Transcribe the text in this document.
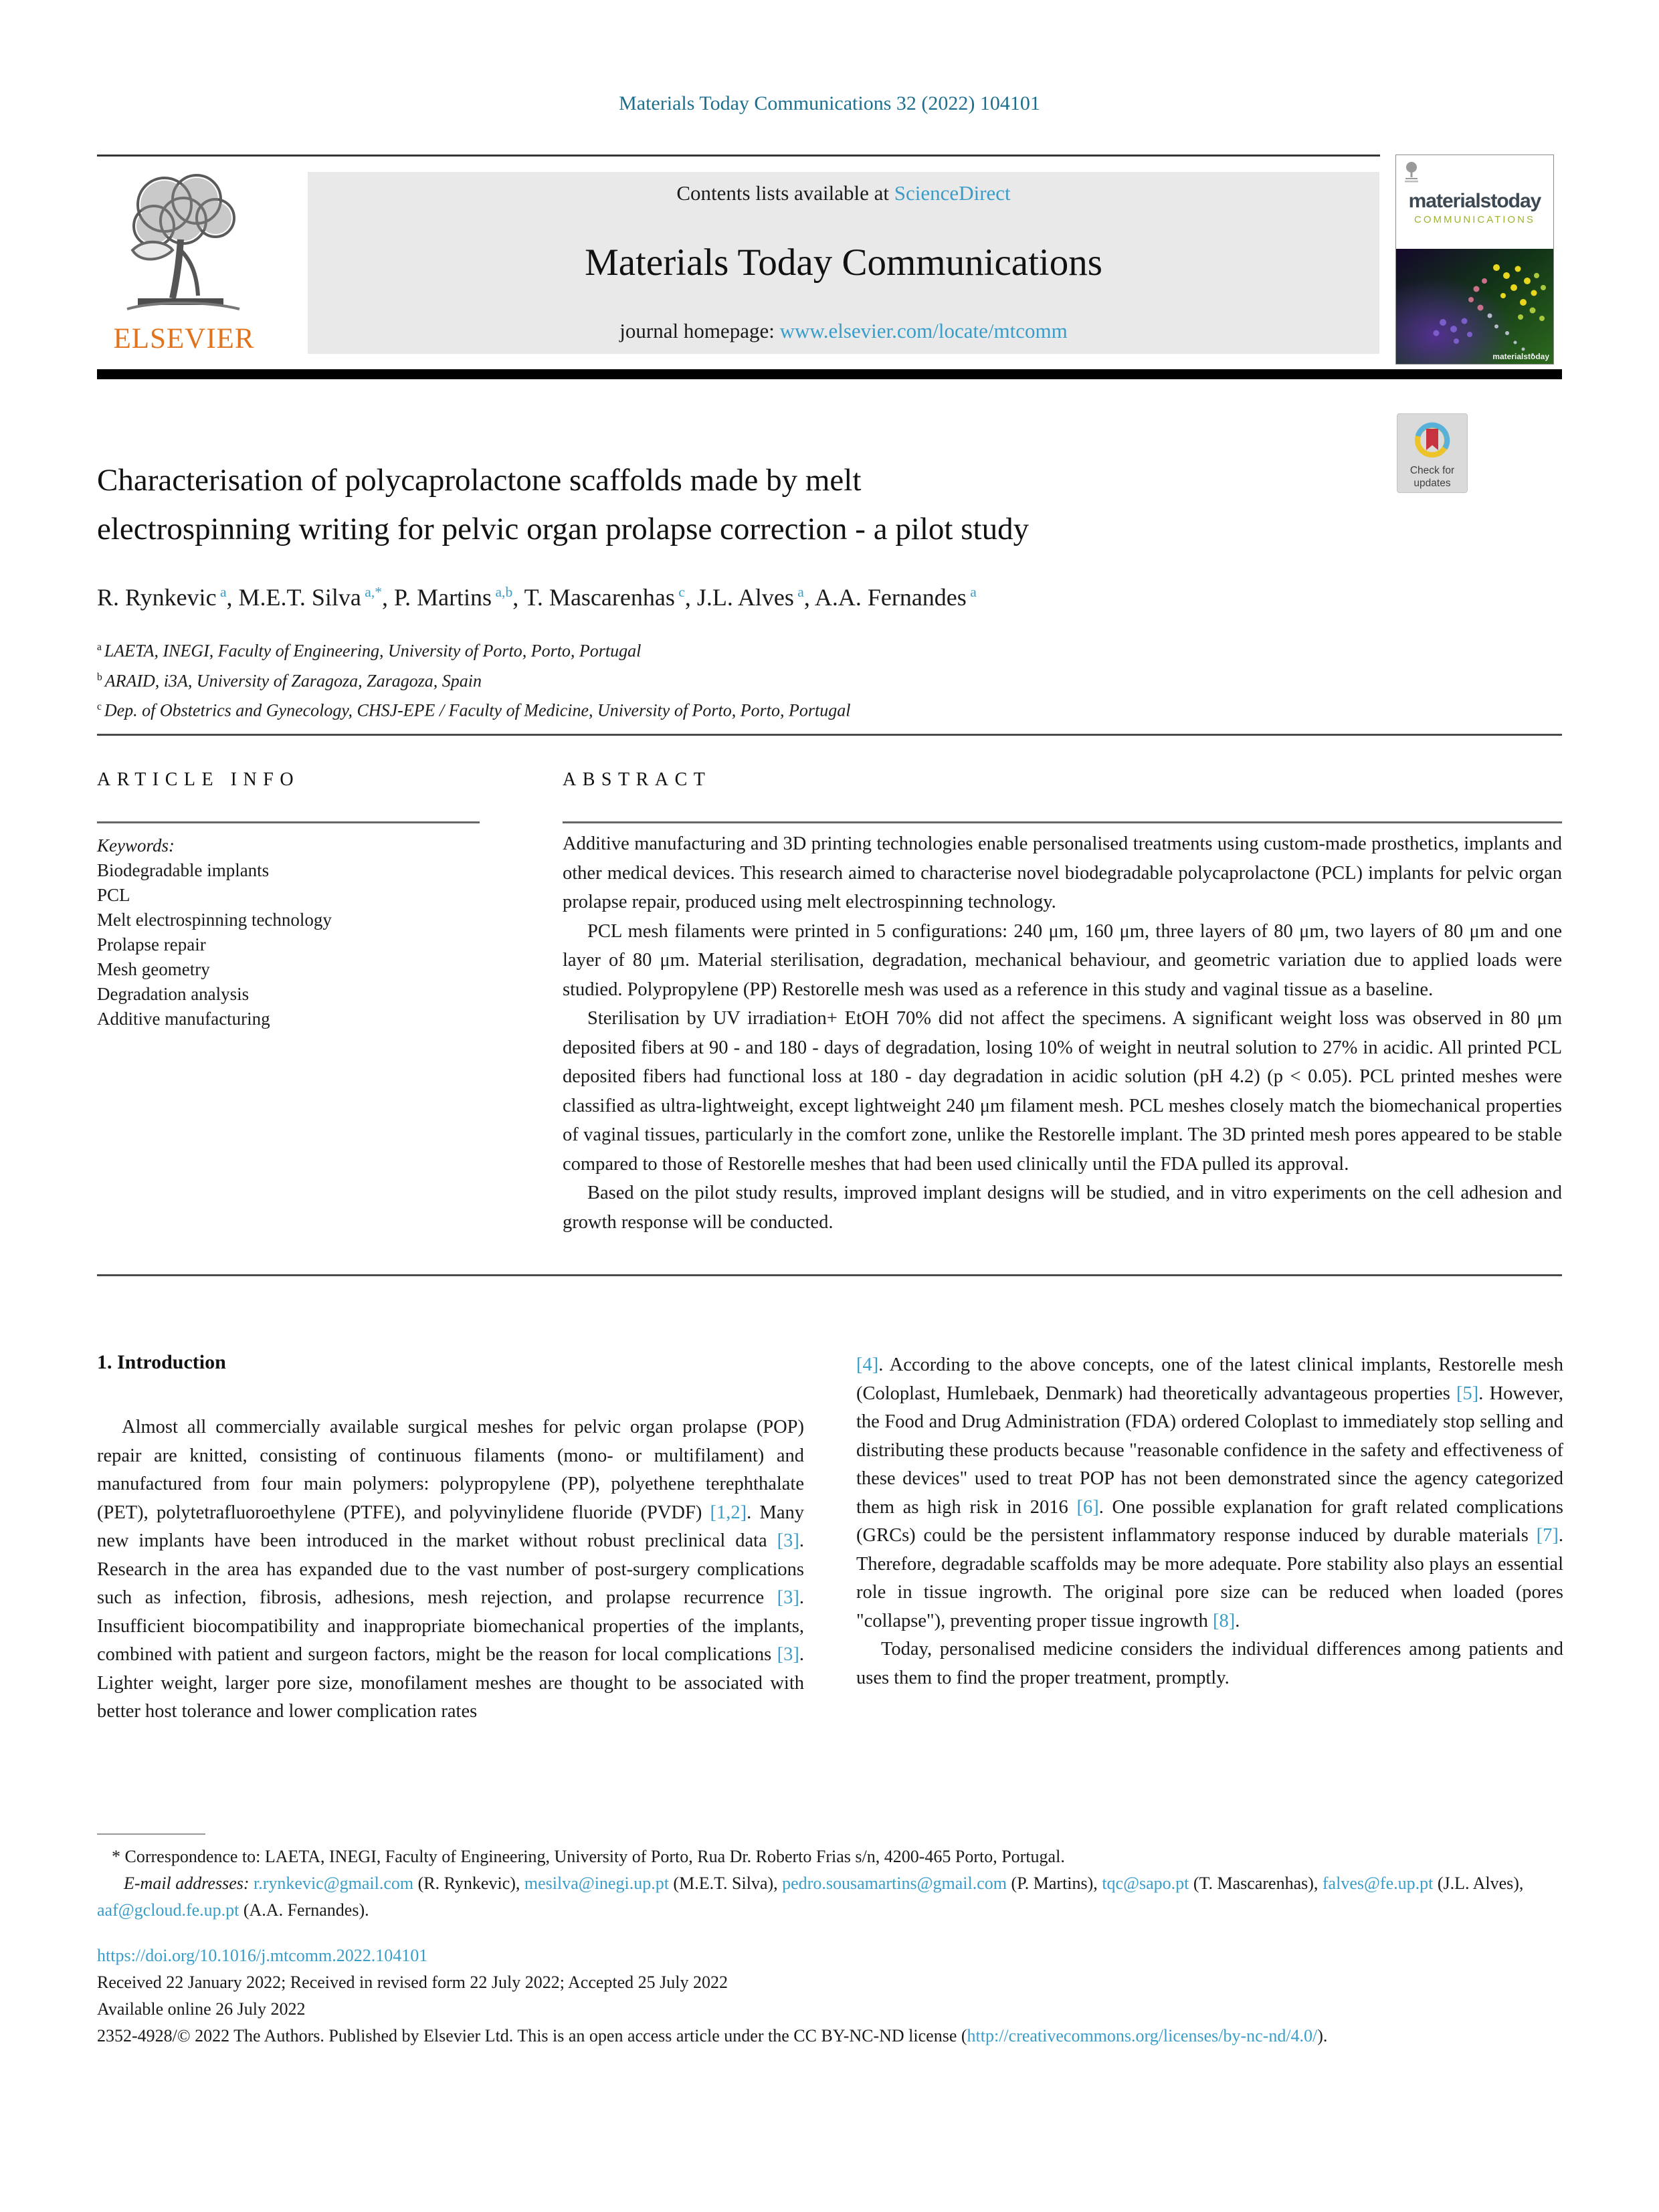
Materials Today Communications 32 (2022) 104101
ELSEVIER
Contents lists available at ScienceDirect
Materials Today Communications
journal homepage: www.elsevier.com/locate/mtcomm
materialstoday
COMMUNICATIONS
materialstoday
Check for
updates
Characterisation of polycaprolactone scaffolds made by melt
electrospinning writing for pelvic organ prolapse correction - a pilot study
R. Rynkevic $^a$, M.E.T. Silva $^{a,*}$, P. Martins $^{a,b}$, T. Mascarenhas $^c$, J.L. Alves $^a$, A.A. Fernandes $^a$
$^a$ LAETA, INEGI, Faculty of Engineering, University of Porto, Porto, Portugal
$^b$ ARAID, i3A, University of Zaragoza, Zaragoza, Spain
$^c$ Dep. of Obstetrics and Gynecology, CHSJ-EPE / Faculty of Medicine, University of Porto, Porto, Portugal
ARTICLE INFO	ABSTRACT
Keywords:
Biodegradable implants
PCL
Melt electrospinning technology
Prolapse repair
Mesh geometry
Degradation analysis
Additive manufacturing
Additive manufacturing and 3D printing technologies enable personalised treatments using custom-made prosthetics, implants and other medical devices. This research aimed to characterise novel biodegradable polycaprolactone (PCL) implants for pelvic organ prolapse repair, produced using melt electrospinning technology.
PCL mesh filaments were printed in 5 configurations: 240 μm, 160 μm, three layers of 80 μm, two layers of 80 μm and one layer of 80 μm. Material sterilisation, degradation, mechanical behaviour, and geometric variation due to applied loads were studied. Polypropylene (PP) Restorelle mesh was used as a reference in this study and vaginal tissue as a baseline.
Sterilisation by UV irradiation+ EtOH 70% did not affect the specimens. A significant weight loss was observed in 80 μm deposited fibers at 90 - and 180 - days of degradation, losing 10% of weight in neutral solution to 27% in acidic. All printed PCL deposited fibers had functional loss at 180 - day degradation in acidic solution (pH 4.2) (p < 0.05). PCL printed meshes were classified as ultra-lightweight, except lightweight 240 μm filament mesh. PCL meshes closely match the biomechanical properties of vaginal tissues, particularly in the comfort zone, unlike the Restorelle implant. The 3D printed mesh pores appeared to be stable compared to those of Restorelle meshes that had been used clinically until the FDA pulled its approval.
Based on the pilot study results, improved implant designs will be studied, and in vitro experiments on the cell adhesion and growth response will be conducted.
1. Introduction
Almost all commercially available surgical meshes for pelvic organ prolapse (POP) repair are knitted, consisting of continuous filaments (mono- or multifilament) and manufactured from four main polymers: polypropylene (PP), polyethene terephthalate (PET), polytetrafluoroethylene (PTFE), and polyvinylidene fluoride (PVDF) [1,2]. Many new implants have been introduced in the market without robust preclinical data [3]. Research in the area has expanded due to the vast number of post-surgery complications such as infection, fibrosis, adhesions, mesh rejection, and prolapse recurrence [3]. Insufficient biocompatibility and inappropriate biomechanical properties of the implants, combined with patient and surgeon factors, might be the reason for local complications [3]. Lighter weight, larger pore size, monofilament meshes are thought to be associated with better host tolerance and lower complication rates
[4]. According to the above concepts, one of the latest clinical implants, Restorelle mesh (Coloplast, Humlebaek, Denmark) had theoretically advantageous properties [5]. However, the Food and Drug Administration (FDA) ordered Coloplast to immediately stop selling and distributing these products because "reasonable confidence in the safety and effectiveness of these devices" used to treat POP has not been demonstrated since the agency categorized them as high risk in 2016 [6]. One possible explanation for graft related complications (GRCs) could be the persistent inflammatory response induced by durable materials [7]. Therefore, degradable scaffolds may be more adequate. Pore stability also plays an essential role in tissue ingrowth. The original pore size can be reduced when loaded (pores "collapse"), preventing proper tissue ingrowth [8].
Today, personalised medicine considers the individual differences among patients and uses them to find the proper treatment, promptly.
* Correspondence to: LAETA, INEGI, Faculty of Engineering, University of Porto, Rua Dr. Roberto Frias s/n, 4200-465 Porto, Portugal.
E-mail addresses: r.rynkevic@gmail.com (R. Rynkevic), mesilva@inegi.up.pt (M.E.T. Silva), pedro.sousamartins@gmail.com (P. Martins), tqc@sapo.pt (T. Mascarenhas), falves@fe.up.pt (J.L. Alves), aaf@gcloud.fe.up.pt (A.A. Fernandes).
https://doi.org/10.1016/j.mtcomm.2022.104101
Received 22 January 2022; Received in revised form 22 July 2022; Accepted 25 July 2022
Available online 26 July 2022
2352-4928/© 2022 The Authors. Published by Elsevier Ltd. This is an open access article under the CC BY-NC-ND license (http://creativecommons.org/licenses/by-nc-nd/4.0/).
